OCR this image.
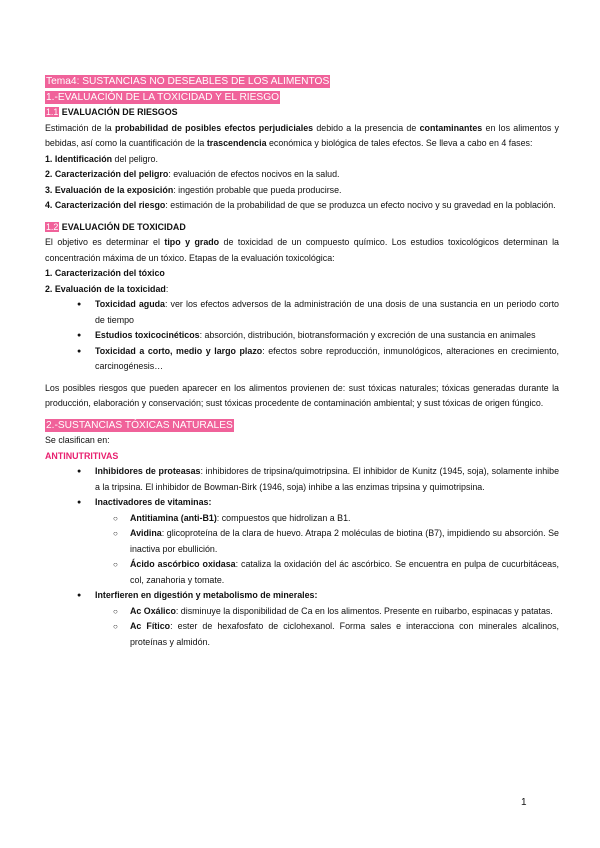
Tema4: SUSTANCIAS NO DESEABLES DE LOS ALIMENTOS
1.-EVALUACIÓN DE LA TOXICIDAD Y EL RIESGO
1.1 EVALUACIÓN DE RIESGOS

Estimación de la probabilidad de posibles efectos perjudiciales debido a la presencia de contaminantes en los alimentos y bebidas, así como la cuantificación de la trascendencia económica y biológica de tales efectos. Se lleva a cabo en 4 fases:

1. Identificación del peligro.

2. Caracterización del peligro: evaluación de efectos nocivos en la salud.

3. Evaluación de la exposición: ingestión probable que pueda producirse.

4. Caracterización del riesgo: estimación de la probabilidad de que se produzca un efecto nocivo y su gravedad en la población.

1.2 EVALUACIÓN DE TOXICIDAD

El objetivo es determinar el tipo y grado de toxicidad de un compuesto químico. Los estudios toxicológicos determinan la concentración máxima de un tóxico. Etapas de la evaluación toxicológica:

1. Caracterización del tóxico

2. Evaluación de la toxicidad:

● Toxicidad aguda: ver los efectos adversos de la administración de una dosis de una sustancia en un periodo corto de tiempo
● Estudios toxicocinéticos: absorción, distribución, biotransformación y excreción de una sustancia en animales
● Toxicidad a corto, medio y largo plazo: efectos sobre reproducción, inmunológicos, alteraciones en crecimiento, carcinogénesis…

Los posibles riesgos que pueden aparecer en los alimentos provienen de: sust tóxicas naturales; tóxicas generadas durante la producción, elaboración y conservación; sust tóxicas procedente de contaminación ambiental; y sust tóxicas de origen fúngico.

2.-SUSTANCIAS TÓXICAS NATURALES

Se clasifican en:

ANTINUTRITIVAS

● Inhibidores de proteasas: inhibidores de tripsina/quimotripsina. El inhibidor de Kunitz (1945, soja), solamente inhibe a la tripsina. El inhibidor de Bowman-Birk (1946, soja) inhibe a las enzimas tripsina y quimotripsina.
● Inactivadores de vitaminas:
○ Antitiamina (anti-B1): compuestos que hidrolizan a B1.
○ Avidina: glicoproteína de la clara de huevo. Atrapa 2 moléculas de biotina (B7), impidiendo su absorción. Se inactiva por ebullición.
○ Ácido ascórbico oxidasa: cataliza la oxidación del ác ascórbico. Se encuentra en pulpa de cucurbitáceas, col, zanahoria y tomate.
● Interfieren en digestión y metabolismo de minerales:
○ Ac Oxálico: disminuye la disponibilidad de Ca en los alimentos. Presente en ruibarbo, espinacas y patatas.
○ Ac Fítico: ester de hexafosfato de ciclohexanol. Forma sales e interacciona con minerales alcalinos, proteínas y almidón.
1
